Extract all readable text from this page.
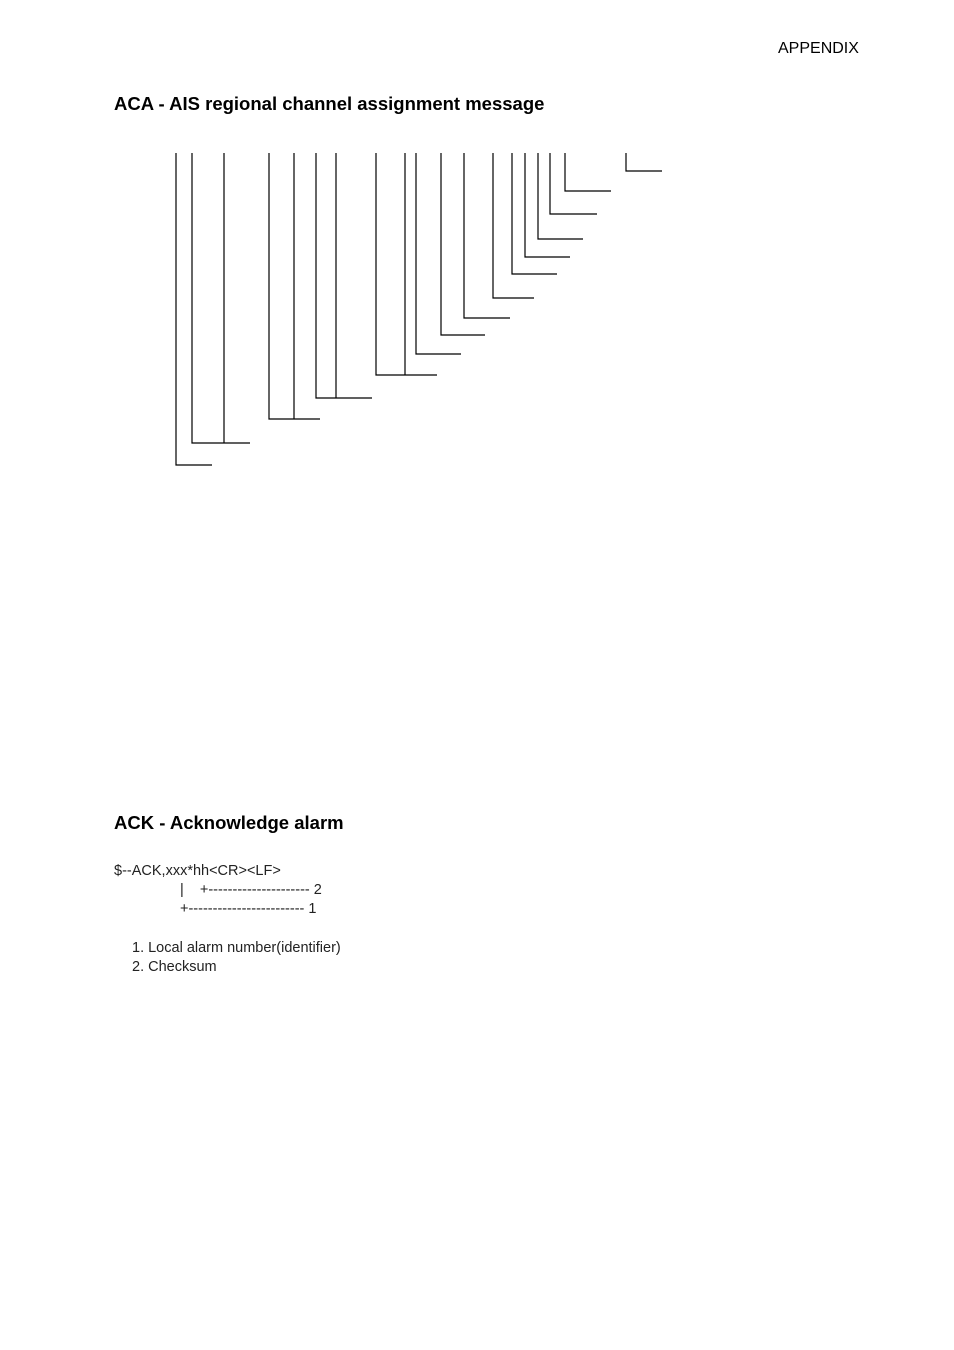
APPENDIX
ACA - AIS regional channel assignment message
ACK - Acknowledge alarm
$--ACK,xxx*hh<CR><LF>
|    +--------------------- 2
+------------------------ 1
1. Local alarm number(identifier)
2. Checksum
